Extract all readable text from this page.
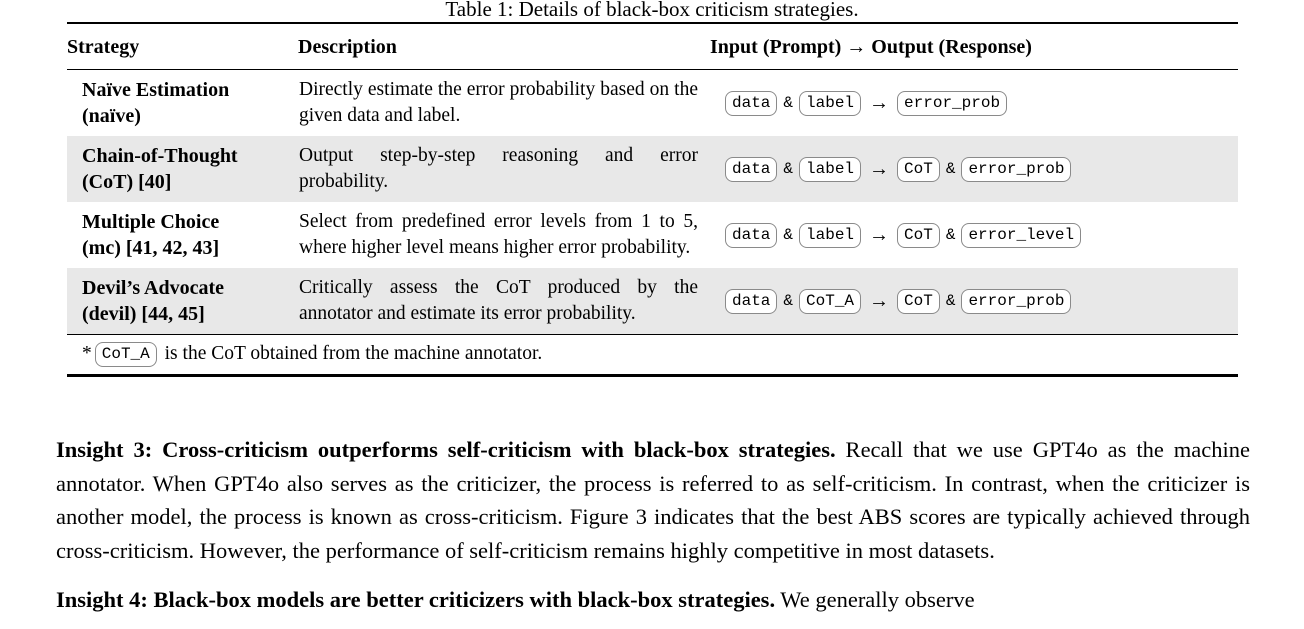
Table 1: Details of black-box criticism strategies.
Strategy	Description	Input (Prompt) → Output (Response)

Naïve Estimation
(naïve)	Directly estimate the error probability based on the given data and label.	data & label → error_prob

Chain-of-Thought
(CoT) [40]	Output step-by-step reasoning and error probability.	data & label → CoT & error_prob

Multiple Choice
(mc) [41, 42, 43]	Select from predefined error levels from 1 to 5, where higher level means higher error probability.	data & label → CoT & error_level

Devil’s Advocate
(devil) [44, 45]	Critically assess the CoT produced by the annotator and estimate its error probability.	data & CoT_A → CoT & error_prob
* CoT_A is the CoT obtained from the machine annotator.		

Insight 3: Cross-criticism outperforms self-criticism with black-box strategies. Recall that we use GPT4o as the machine annotator. When GPT4o also serves as the criticizer, the process is referred to as self-criticism. In contrast, when the criticizer is another model, the process is known as cross-criticism. Figure 3 indicates that the best ABS scores are typically achieved through cross-criticism. However, the performance of self-criticism remains highly competitive in most datasets.

Insight 4: Black-box models are better criticizers with black-box strategies. We generally observe
